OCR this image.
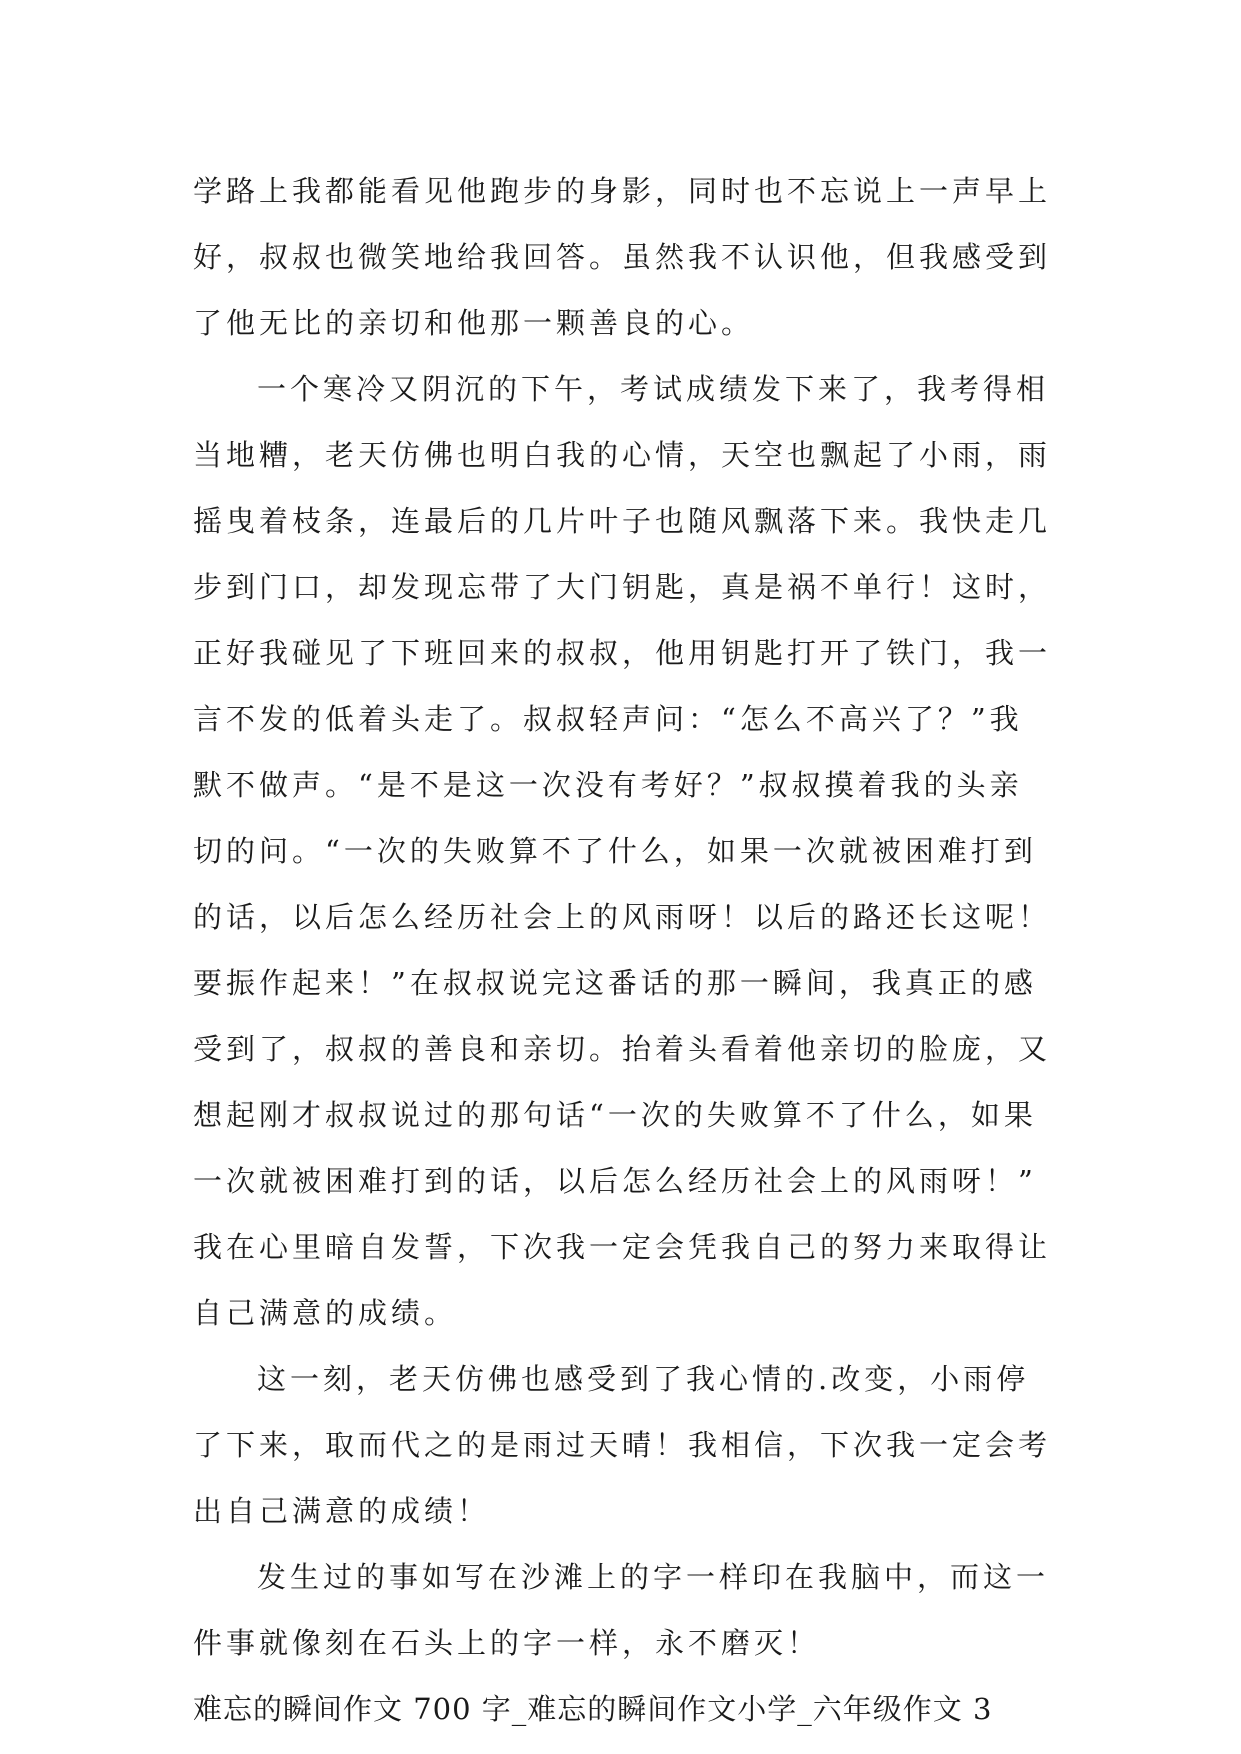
学路上我都能看见他跑步的身影，同时也不忘说上一声早上
好，叔叔也微笑地给我回答。虽然我不认识他，但我感受到
了他无比的亲切和他那一颗善良的心。
一个寒冷又阴沉的下午，考试成绩发下来了，我考得相
当地糟，老天仿佛也明白我的心情，天空也飘起了小雨，雨
摇曳着枝条，连最后的几片叶子也随风飘落下来。我快走几
步到门口，却发现忘带了大门钥匙，真是祸不单行！这时，
正好我碰见了下班回来的叔叔，他用钥匙打开了铁门，我一
言不发的低着头走了。叔叔轻声问：“怎么不高兴了？”我
默不做声。“是不是这一次没有考好？”叔叔摸着我的头亲
切的问。“一次的失败算不了什么，如果一次就被困难打到
的话，以后怎么经历社会上的风雨呀！以后的路还长这呢！
要振作起来！”在叔叔说完这番话的那一瞬间，我真正的感
受到了，叔叔的善良和亲切。抬着头看着他亲切的脸庞，又
想起刚才叔叔说过的那句话“一次的失败算不了什么，如果
一次就被困难打到的话，以后怎么经历社会上的风雨呀！”
我在心里暗自发誓，下次我一定会凭我自己的努力来取得让
自己满意的成绩。
这一刻，老天仿佛也感受到了我心情的.改变，小雨停
了下来，取而代之的是雨过天晴！我相信，下次我一定会考
出自己满意的成绩！
发生过的事如写在沙滩上的字一样印在我脑中，而这一
件事就像刻在石头上的字一样，永不磨灭！
难忘的瞬间作文 700 字_难忘的瞬间作文小学_六年级作文 3
